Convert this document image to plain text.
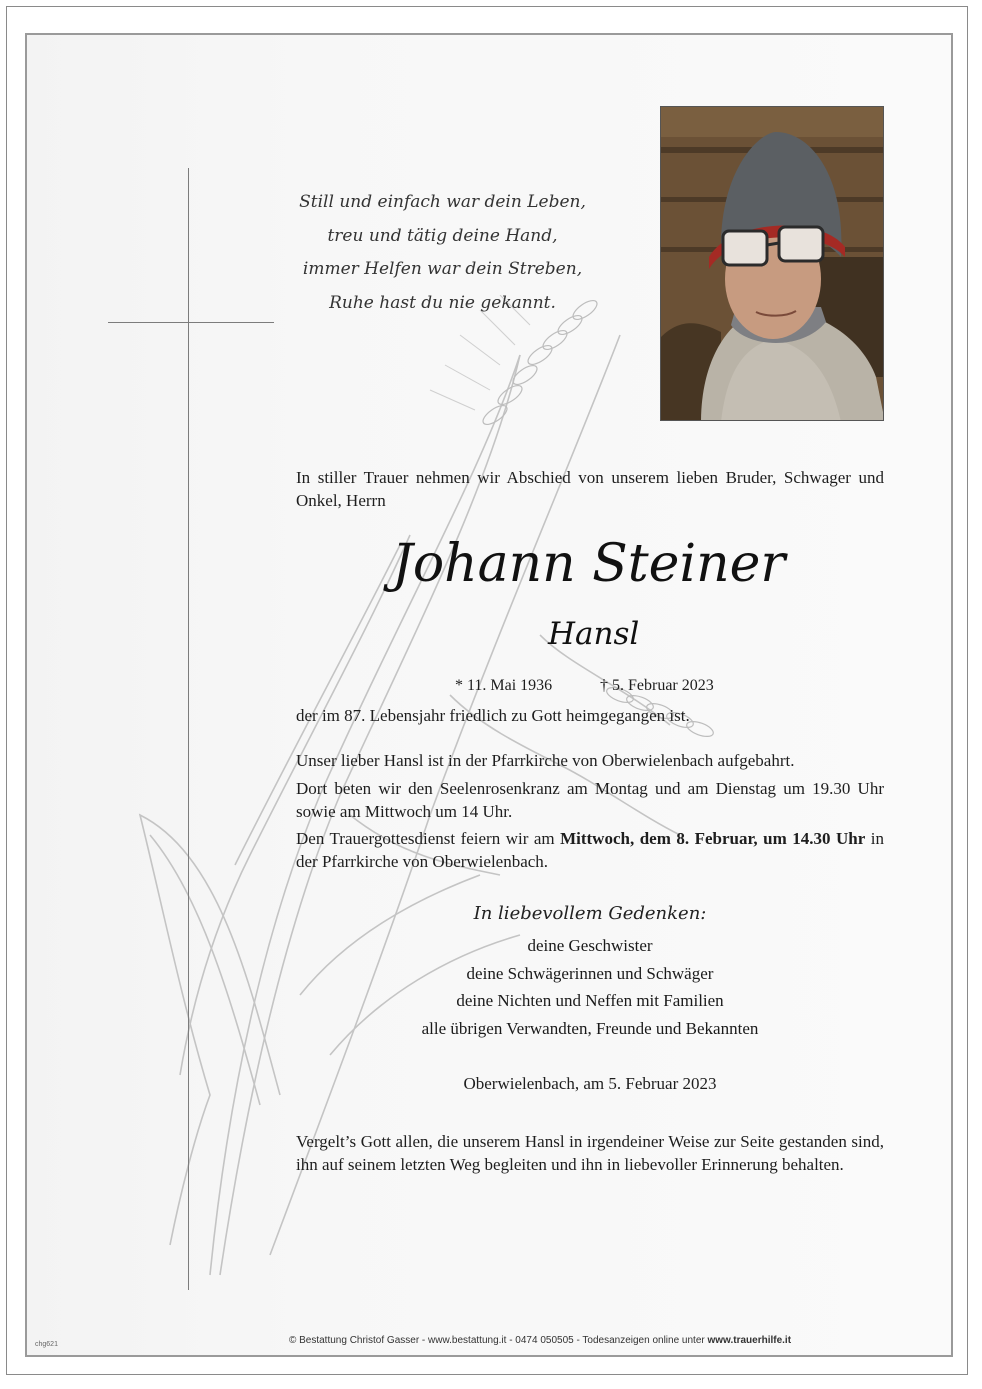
Still und einfach war dein Leben,
treu und tätig deine Hand,
immer Helfen war dein Streben,
Ruhe hast du nie gekannt.
In stiller Trauer nehmen wir Abschied von unserem lieben Bruder, Schwager und Onkel, Herrn
Johann Steiner
Hansl
* 11. Mai 1936	† 5. Februar 2023
der im 87. Lebensjahr friedlich zu Gott heimgegangen ist.
Unser lieber Hansl ist in der Pfarrkirche von Oberwielenbach aufgebahrt.
Dort beten wir den Seelenrosenkranz am Montag und am Dienstag um 19.30 Uhr sowie am Mittwoch um 14 Uhr.
Den Trauergottesdienst feiern wir am Mittwoch, dem 8. Februar, um 14.30 Uhr in der Pfarrkirche von Oberwielenbach.
In liebevollem Gedenken:
deine Geschwister
deine Schwägerinnen und Schwäger
deine Nichten und Neffen mit Familien
alle übrigen Verwandten, Freunde und Bekannten
Oberwielenbach, am 5. Februar 2023
Vergelt’s Gott allen, die unserem Hansl in irgendeiner Weise zur Seite gestanden sind, ihn auf seinem letzten Weg begleiten und ihn in liebevoller Erinnerung behalten.
chg621	© Bestattung Christof Gasser - www.bestattung.it - 0474 050505 - Todesanzeigen online unter www.trauerhilfe.it
